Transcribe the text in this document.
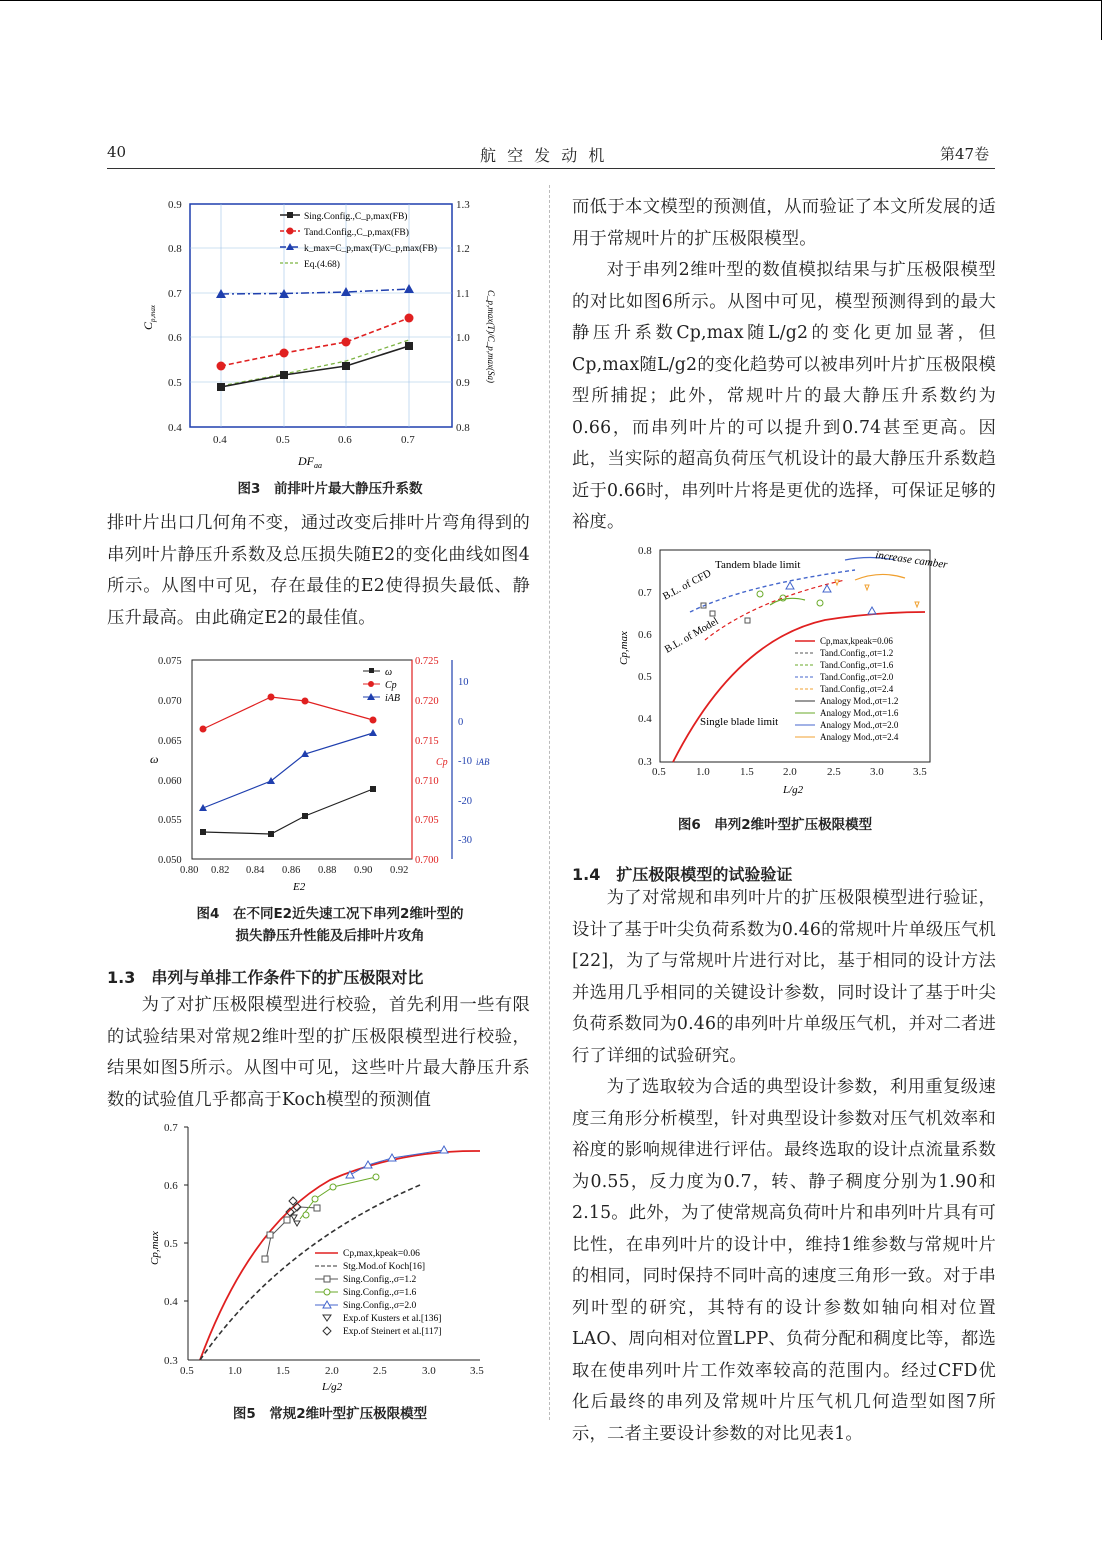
40	航 空 发 动 机	第47卷
0.9
0.8
0.7
0.6
0.5
0.4
1.3
1.2
1.1
1.0
0.9
0.8
0.4	0.5	0.6	0.7
$DF_{aa}$
$C_{p,max}$	C_p,max(T)/C_p,max(Sa)
Sing.Config.,C_p,max(FB)
Tand.Config.,C_p,max(FB)
k_max=C_p,max(T)/C_p,max(FB)
Eq.(4.68)
图3　前排叶片最大静压升系数

排叶片出口几何角不变，通过改变后排叶片弯角得到的串列叶片静压升系数及总压损失随E2的变化曲线如图4所示。从图中可见，存在最佳的E2使得损失最低、静压升最高。由此确定E2的最佳值。

0.075
0.070
0.065
0.060
0.055
0.050
0.725
0.720
0.715
0.710
0.705
0.700
10
0
-10
-20
-30
0.80 0.82 0.84 0.86 0.88 0.90 0.92
E2
ω	Cp	iAB
ω
Cp
iAB
图4　在不同E2近失速工况下串列2维叶型的
损失静压升性能及后排叶片攻角
1.3　串列与单排工作条件下的扩压极限对比

为了对扩压极限模型进行校验，首先利用一些有限的试验结果对常规2维叶型的扩压极限模型进行校验，结果如图5所示。从图中可见，这些叶片最大静压升系数的试验值几乎都高于Koch模型的预测值

0.7
0.6
0.5
0.4
0.3
0.5	1.0	1.5	2.0	2.5	3.0	3.5
L/g2
Cp,max	Cp,max,kpeak=0.06
Stg.Mod.of Koch[16]
Sing.Config.,σ=1.2
Sing.Config.,σ=1.6
Sing.Config.,σ=2.0
Exp.of Kusters et al.[136]
Exp.of Steinert et al.[117]
图5　常规2维叶型扩压极限模型

而低于本文模型的预测值，从而验证了本文所发展的适用于常规叶片的扩压极限模型。

对于串列2维叶型的数值模拟结果与扩压极限模型的对比如图6所示。从图中可见，模型预测得到的最大静压升系数Cp,max随L/g2的变化更加显著，但Cp,max随L/g2的变化趋势可以被串列叶片扩压极限模型所捕捉；此外，常规叶片的最大静压升系数约为0.66，而串列叶片的可以提升到0.74甚至更高。因此，当实际的超高负荷压气机设计的最大静压升系数趋近于0.66时，串列叶片将是更优的选择，可保证足够的裕度。

0.8
0.7
0.6
0.5
0.4
0.3
0.5	1.0	1.5	2.0	2.5	3.0	3.5
L/g2
Cp,max
Tandem blade limit	increase camber
B.L. of CFD
B.L. of Model
Single blade limit
Cp,max,kpeak=0.06
Tand.Config.,σt=1.2
Tand.Config.,σt=1.6
Tand.Config.,σt=2.0
Tand.Config.,σt=2.4
Analogy Mod.,σt=1.2
Analogy Mod.,σt=1.6
Analogy Mod.,σt=2.0
Analogy Mod.,σt=2.4
图6　串列2维叶型扩压极限模型
1.4　扩压极限模型的试验验证

为了对常规和串列叶片的扩压极限模型进行验证，设计了基于叶尖负荷系数为0.46的常规叶片单级压气机[22]，为了与常规叶片进行对比，基于相同的设计方法并选用几乎相同的关键设计参数，同时设计了基于叶尖负荷系数同为0.46的串列叶片单级压气机，并对二者进行了详细的试验研究。

为了选取较为合适的典型设计参数，利用重复级速度三角形分析模型，针对典型设计参数对压气机效率和裕度的影响规律进行评估。最终选取的设计点流量系数为0.55，反力度为0.7，转、静子稠度分别为1.90和2.15。此外，为了使常规高负荷叶片和串列叶片具有可比性，在串列叶片的设计中，维持1维参数与常规叶片的相同，同时保持不同叶高的速度三角形一致。对于串列叶型的研究，其特有的设计参数如轴向相对位置LAO、周向相对位置LPP、负荷分配和稠度比等，都选取在使串列叶片工作效率较高的范围内。经过CFD优化后最终的串列及常规叶片压气机几何造型如图7所示，二者主要设计参数的对比见表1。
